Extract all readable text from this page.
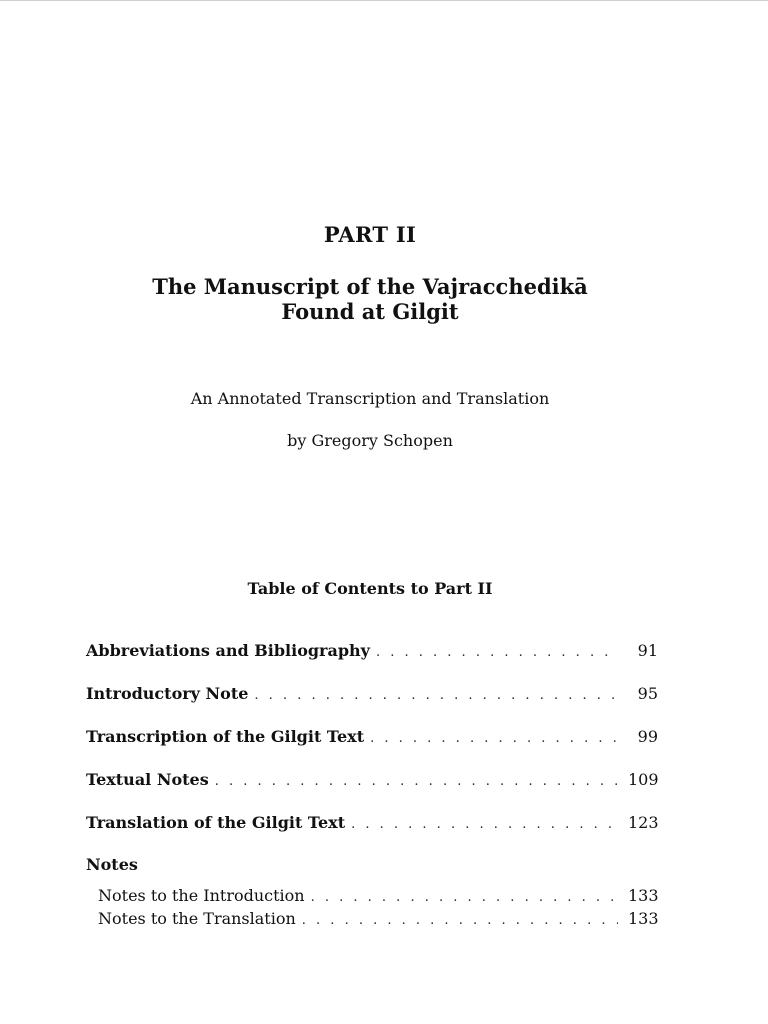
PART II
The Manuscript of the Vajracchedikā
Found at Gilgit
An Annotated Transcription and Translation
by Gregory Schopen
Table of Contents to Part II
Abbreviations and Bibliography . . .	91
Introductory Note . . .	95
Transcription of the Gilgit Text . . .	99
Textual Notes . . .	109
Translation of the Gilgit Text . . .	123
Notes
Notes to the Introduction . . .	133
Notes to the Translation . . .	133
